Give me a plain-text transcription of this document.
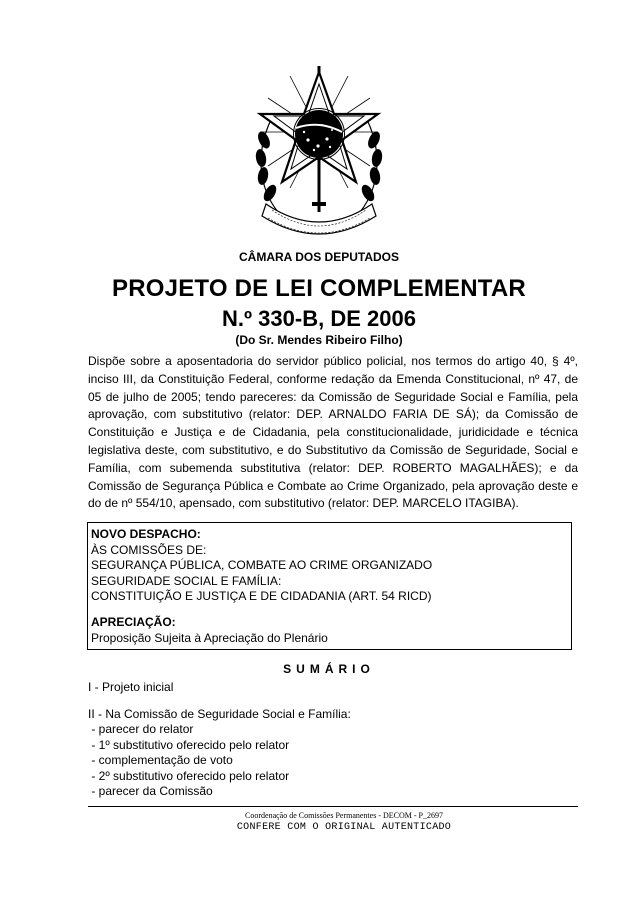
CÂMARA DOS DEPUTADOS
PROJETO DE LEI COMPLEMENTAR
N.º 330-B, DE 2006
(Do Sr. Mendes Ribeiro Filho)
Dispõe sobre a aposentadoria do servidor público policial, nos termos do artigo 40, § 4º, inciso III, da Constituição Federal, conforme redação da Emenda Constitucional, nº 47, de 05 de julho de 2005; tendo pareceres: da Comissão de Seguridade Social e Família, pela aprovação, com substitutivo (relator: DEP. ARNALDO FARIA DE SÁ); da Comissão de Constituição e Justiça e de Cidadania, pela constitucionalidade, juridicidade e técnica legislativa deste, com substitutivo, e do Substitutivo da Comissão de Seguridade, Social e Família, com subemenda substitutiva (relator: DEP. ROBERTO MAGALHÃES); e da Comissão de Segurança Pública e Combate ao Crime Organizado, pela aprovação deste e do de nº 554/10, apensado, com substitutivo (relator: DEP. MARCELO ITAGIBA).
NOVO DESPACHO:
ÀS COMISSÕES DE:
SEGURANÇA PÚBLICA, COMBATE AO CRIME ORGANIZADO
SEGURIDADE SOCIAL E FAMÍLIA:
CONSTITUIÇÃO E JUSTIÇA E DE CIDADANIA (ART. 54 RICD)
APRECIAÇÃO:
Proposição Sujeita à Apreciação do Plenário
SUMÁRIO
I - Projeto inicial
II - Na Comissão de Seguridade Social e Família:
- parecer do relator
- 1º substitutivo oferecido pelo relator
- complementação de voto
- 2º substitutivo oferecido pelo relator
- parecer da Comissão
Coordenação de Comissões Permanentes - DECOM - P_2697
CONFERE COM O ORIGINAL AUTENTICADO
